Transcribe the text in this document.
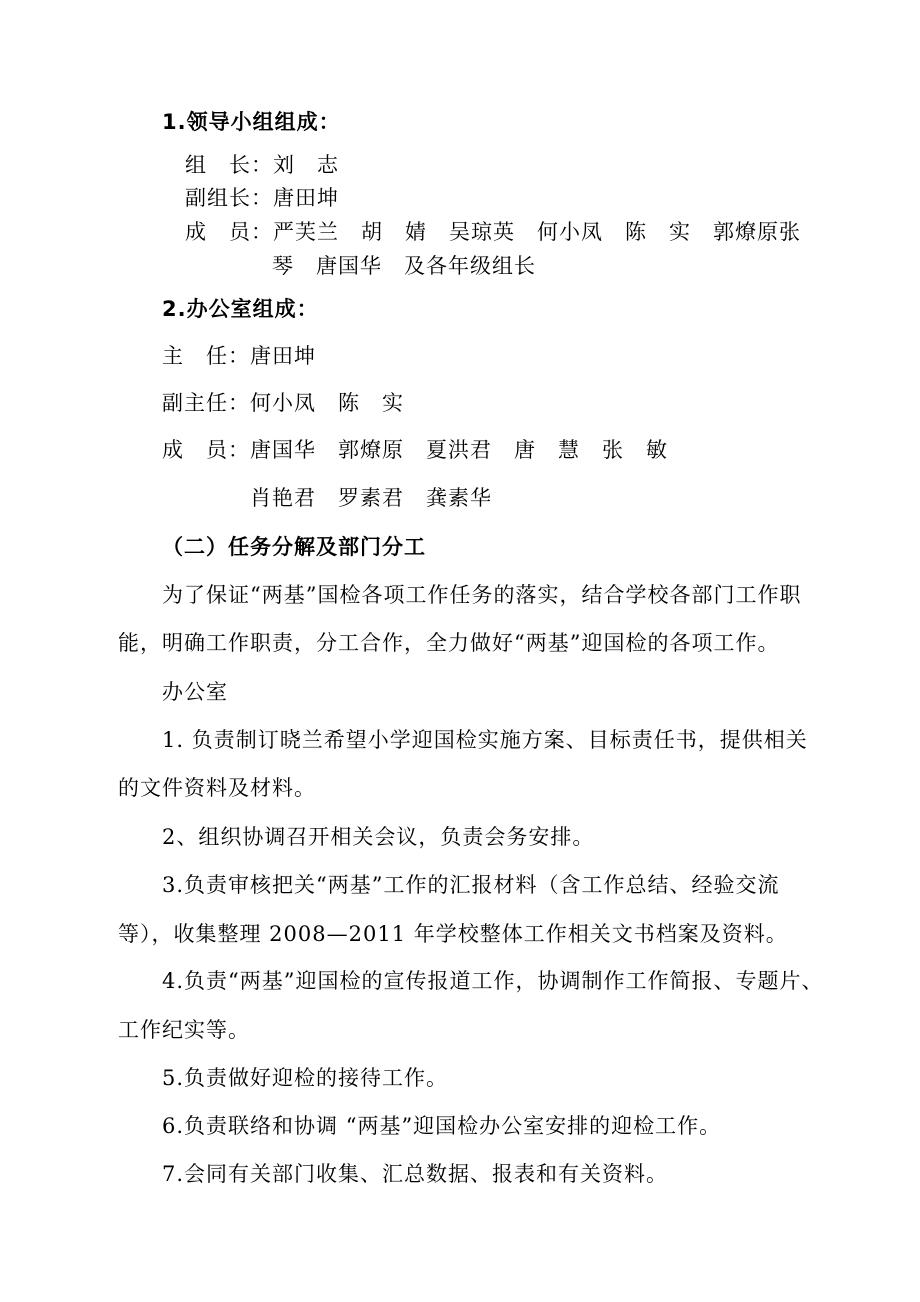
1.领导小组组成：
组　长：刘　志
副组长：唐田坤
成　员：严芙兰　胡　婧　吴琼英　何小凤　陈　实　郭燎原张
琴　唐国华　及各年级组长
2.办公室组成：
主　任：唐田坤
副主任：何小凤　陈　实
成　员：唐国华　郭燎原　夏洪君　唐　慧　张　敏
肖艳君　罗素君　龚素华
（二）任务分解及部门分工
为了保证“两基”国检各项工作任务的落实，结合学校各部门工作职
能，明确工作职责，分工合作，全力做好“两基”迎国检的各项工作。
办公室
1. 负责制订晓兰希望小学迎国检实施方案、目标责任书，提供相关
的文件资料及材料。
2、组织协调召开相关会议，负责会务安排。
3.负责审核把关“两基”工作的汇报材料（含工作总结、经验交流
等），收集整理 2008—2011 年学校整体工作相关文书档案及资料。
4.负责“两基”迎国检的宣传报道工作，协调制作工作简报、专题片、
工作纪实等。
5.负责做好迎检的接待工作。
6.负责联络和协调 “两基”迎国检办公室安排的迎检工作。
7.会同有关部门收集、汇总数据、报表和有关资料。
